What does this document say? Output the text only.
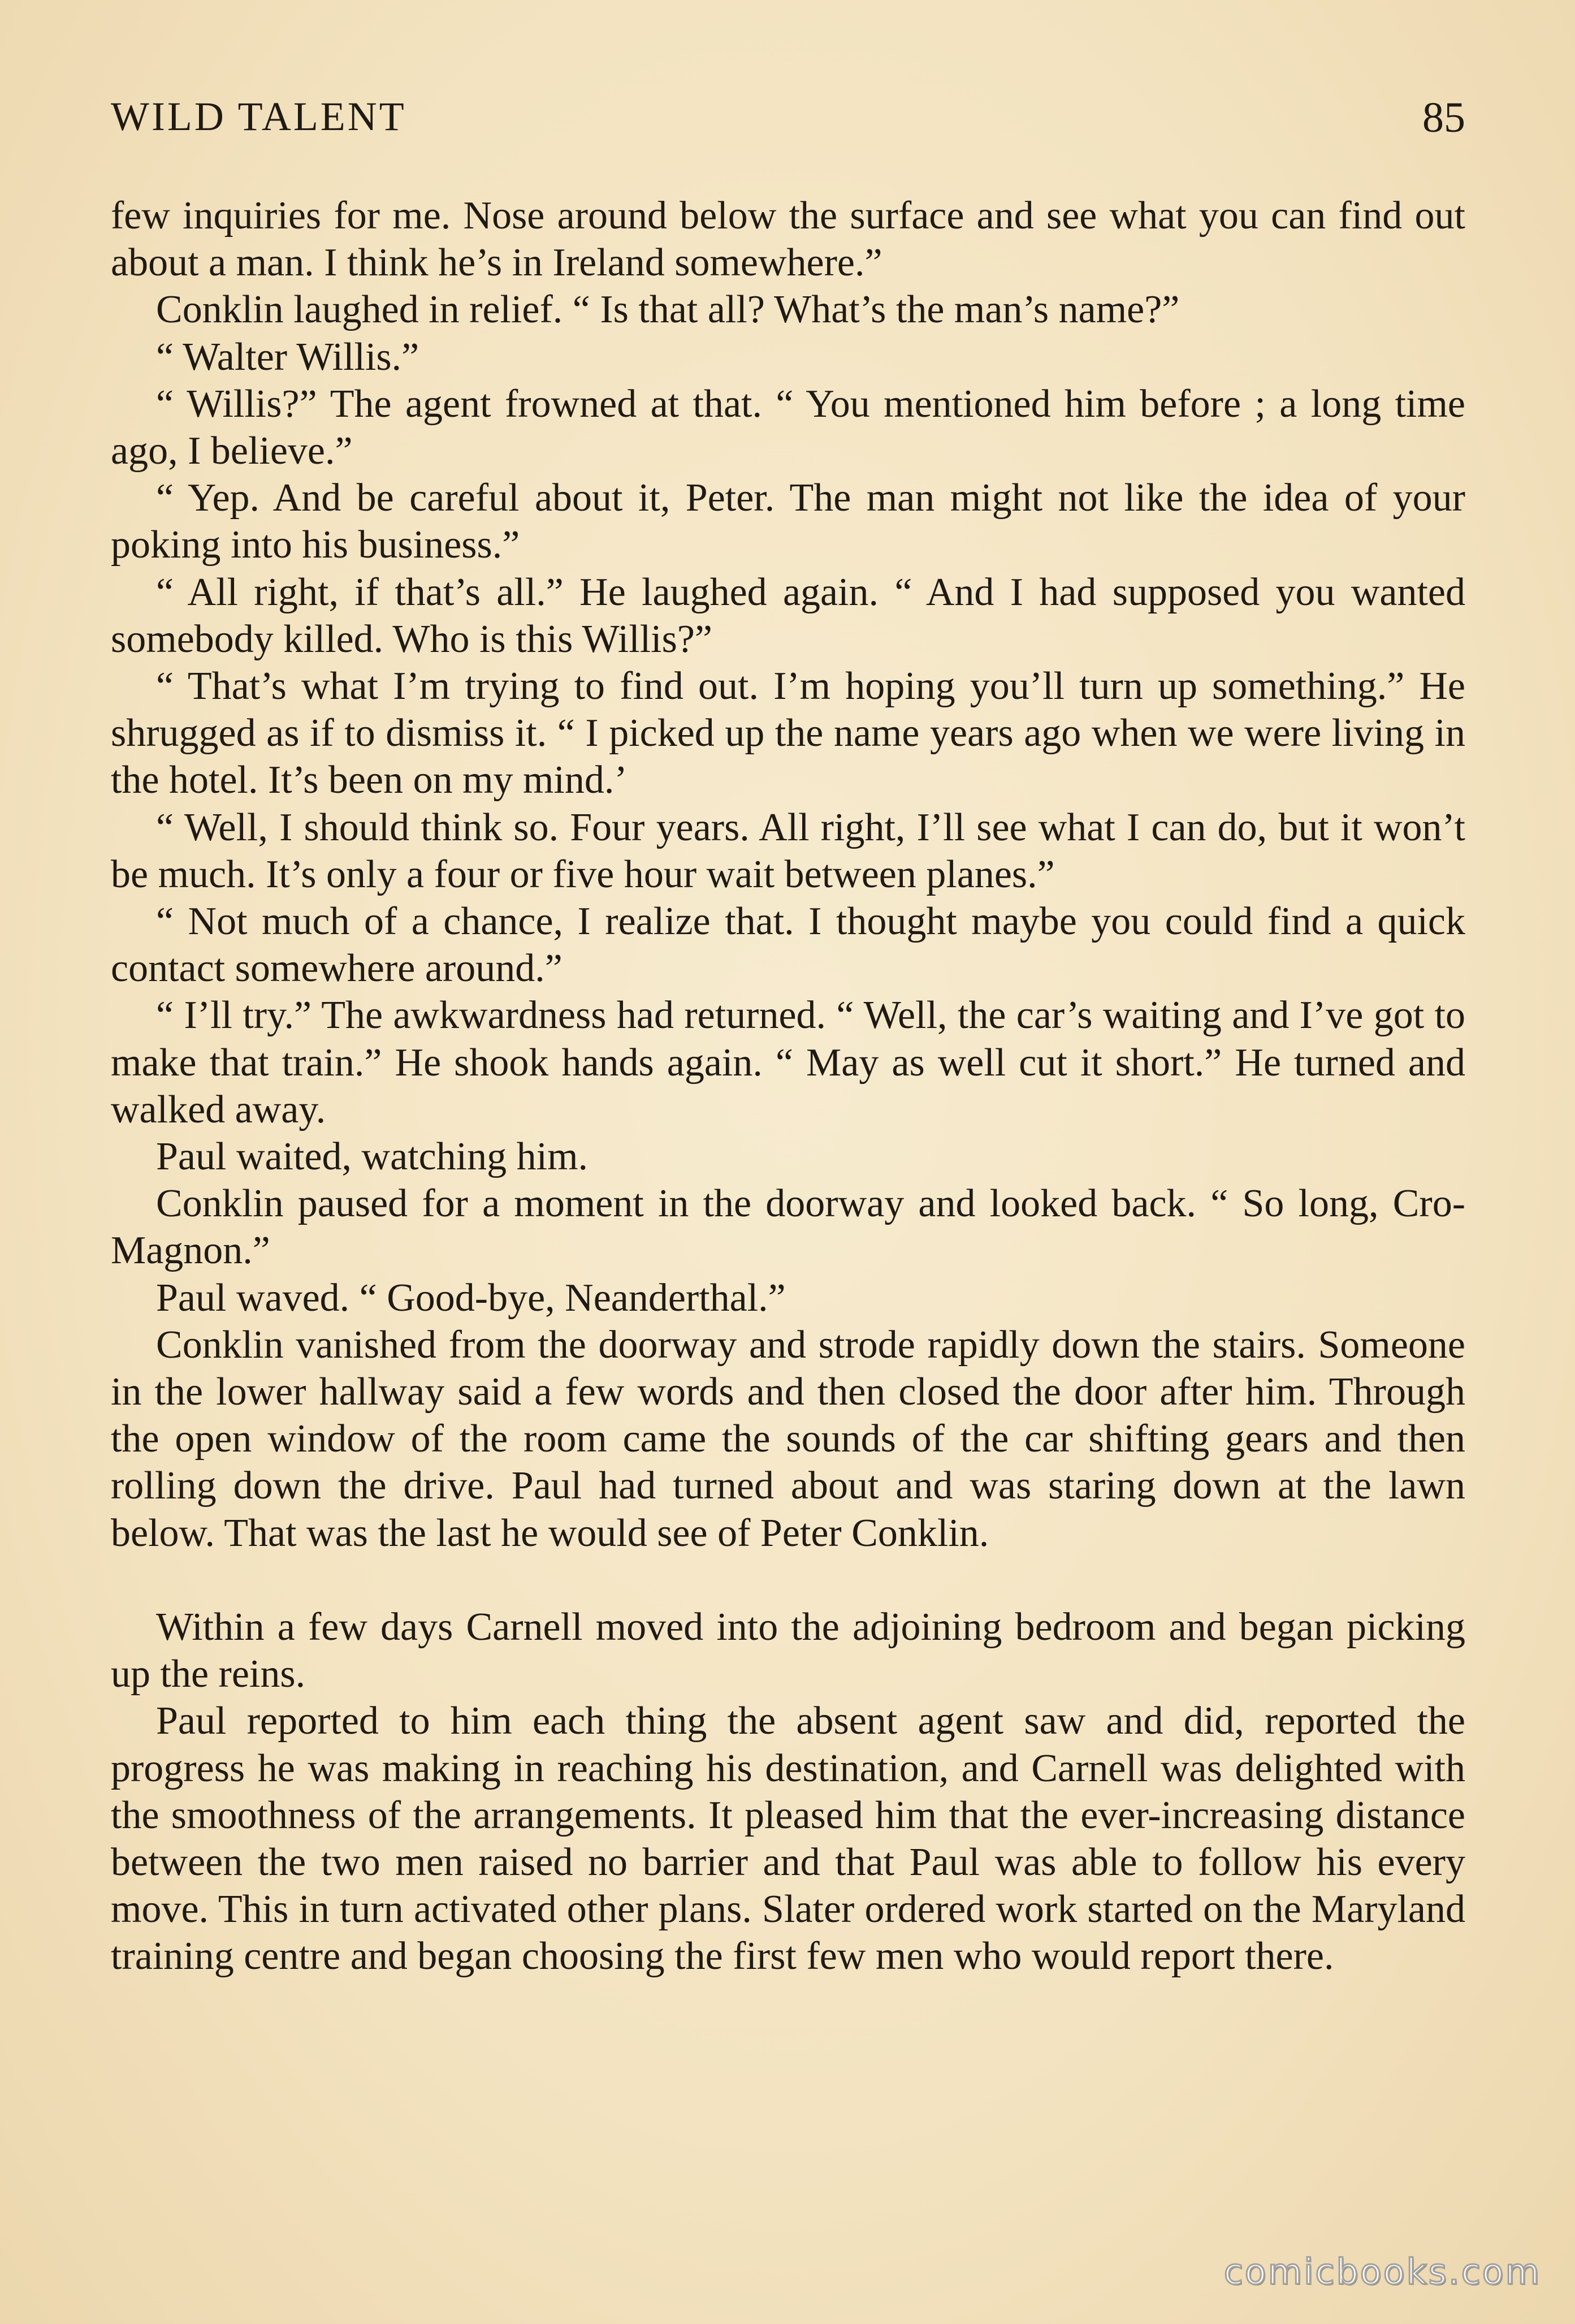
WILD TALENT	85

few inquiries for me. Nose around below the surface and see what you can find out about a man. I think he’s in Ireland somewhere.”

Conklin laughed in relief. “ Is that all? What’s the man’s name?”

“ Walter Willis.”

“ Willis?” The agent frowned at that. “ You mentioned him before ; a long time ago, I believe.”

“ Yep. And be careful about it, Peter. The man might not like the idea of your poking into his business.”

“ All right, if that’s all.” He laughed again. “ And I had supposed you wanted somebody killed. Who is this Willis?”

“ That’s what I’m trying to find out. I’m hoping you’ll turn up something.” He shrugged as if to dismiss it. “ I picked up the name years ago when we were living in the hotel. It’s been on my mind.’

“ Well, I should think so. Four years. All right, I’ll see what I can do, but it won’t be much. It’s only a four or five hour wait between planes.”

“ Not much of a chance, I realize that. I thought maybe you could find a quick contact somewhere around.”

“ I’ll try.” The awkwardness had returned. “ Well, the car’s waiting and I’ve got to make that train.” He shook hands again. “ May as well cut it short.” He turned and walked away.

Paul waited, watching him.

Conklin paused for a moment in the doorway and looked back. “ So long, Cro-Magnon.”

Paul waved. “ Good-bye, Neanderthal.”

Conklin vanished from the doorway and strode rapidly down the stairs. Someone in the lower hallway said a few words and then closed the door after him. Through the open window of the room came the sounds of the car shifting gears and then rolling down the drive. Paul had turned about and was staring down at the lawn below. That was the last he would see of Peter Conklin.

Within a few days Carnell moved into the adjoining bedroom and began picking up the reins.

Paul reported to him each thing the absent agent saw and did, reported the progress he was making in reaching his destination, and Carnell was delighted with the smoothness of the arrangements. It pleased him that the ever-increasing distance between the two men raised no barrier and that Paul was able to follow his every move. This in turn activated other plans. Slater ordered work started on the Maryland training centre and began choosing the first few men who would report there.

comicbooks.com
